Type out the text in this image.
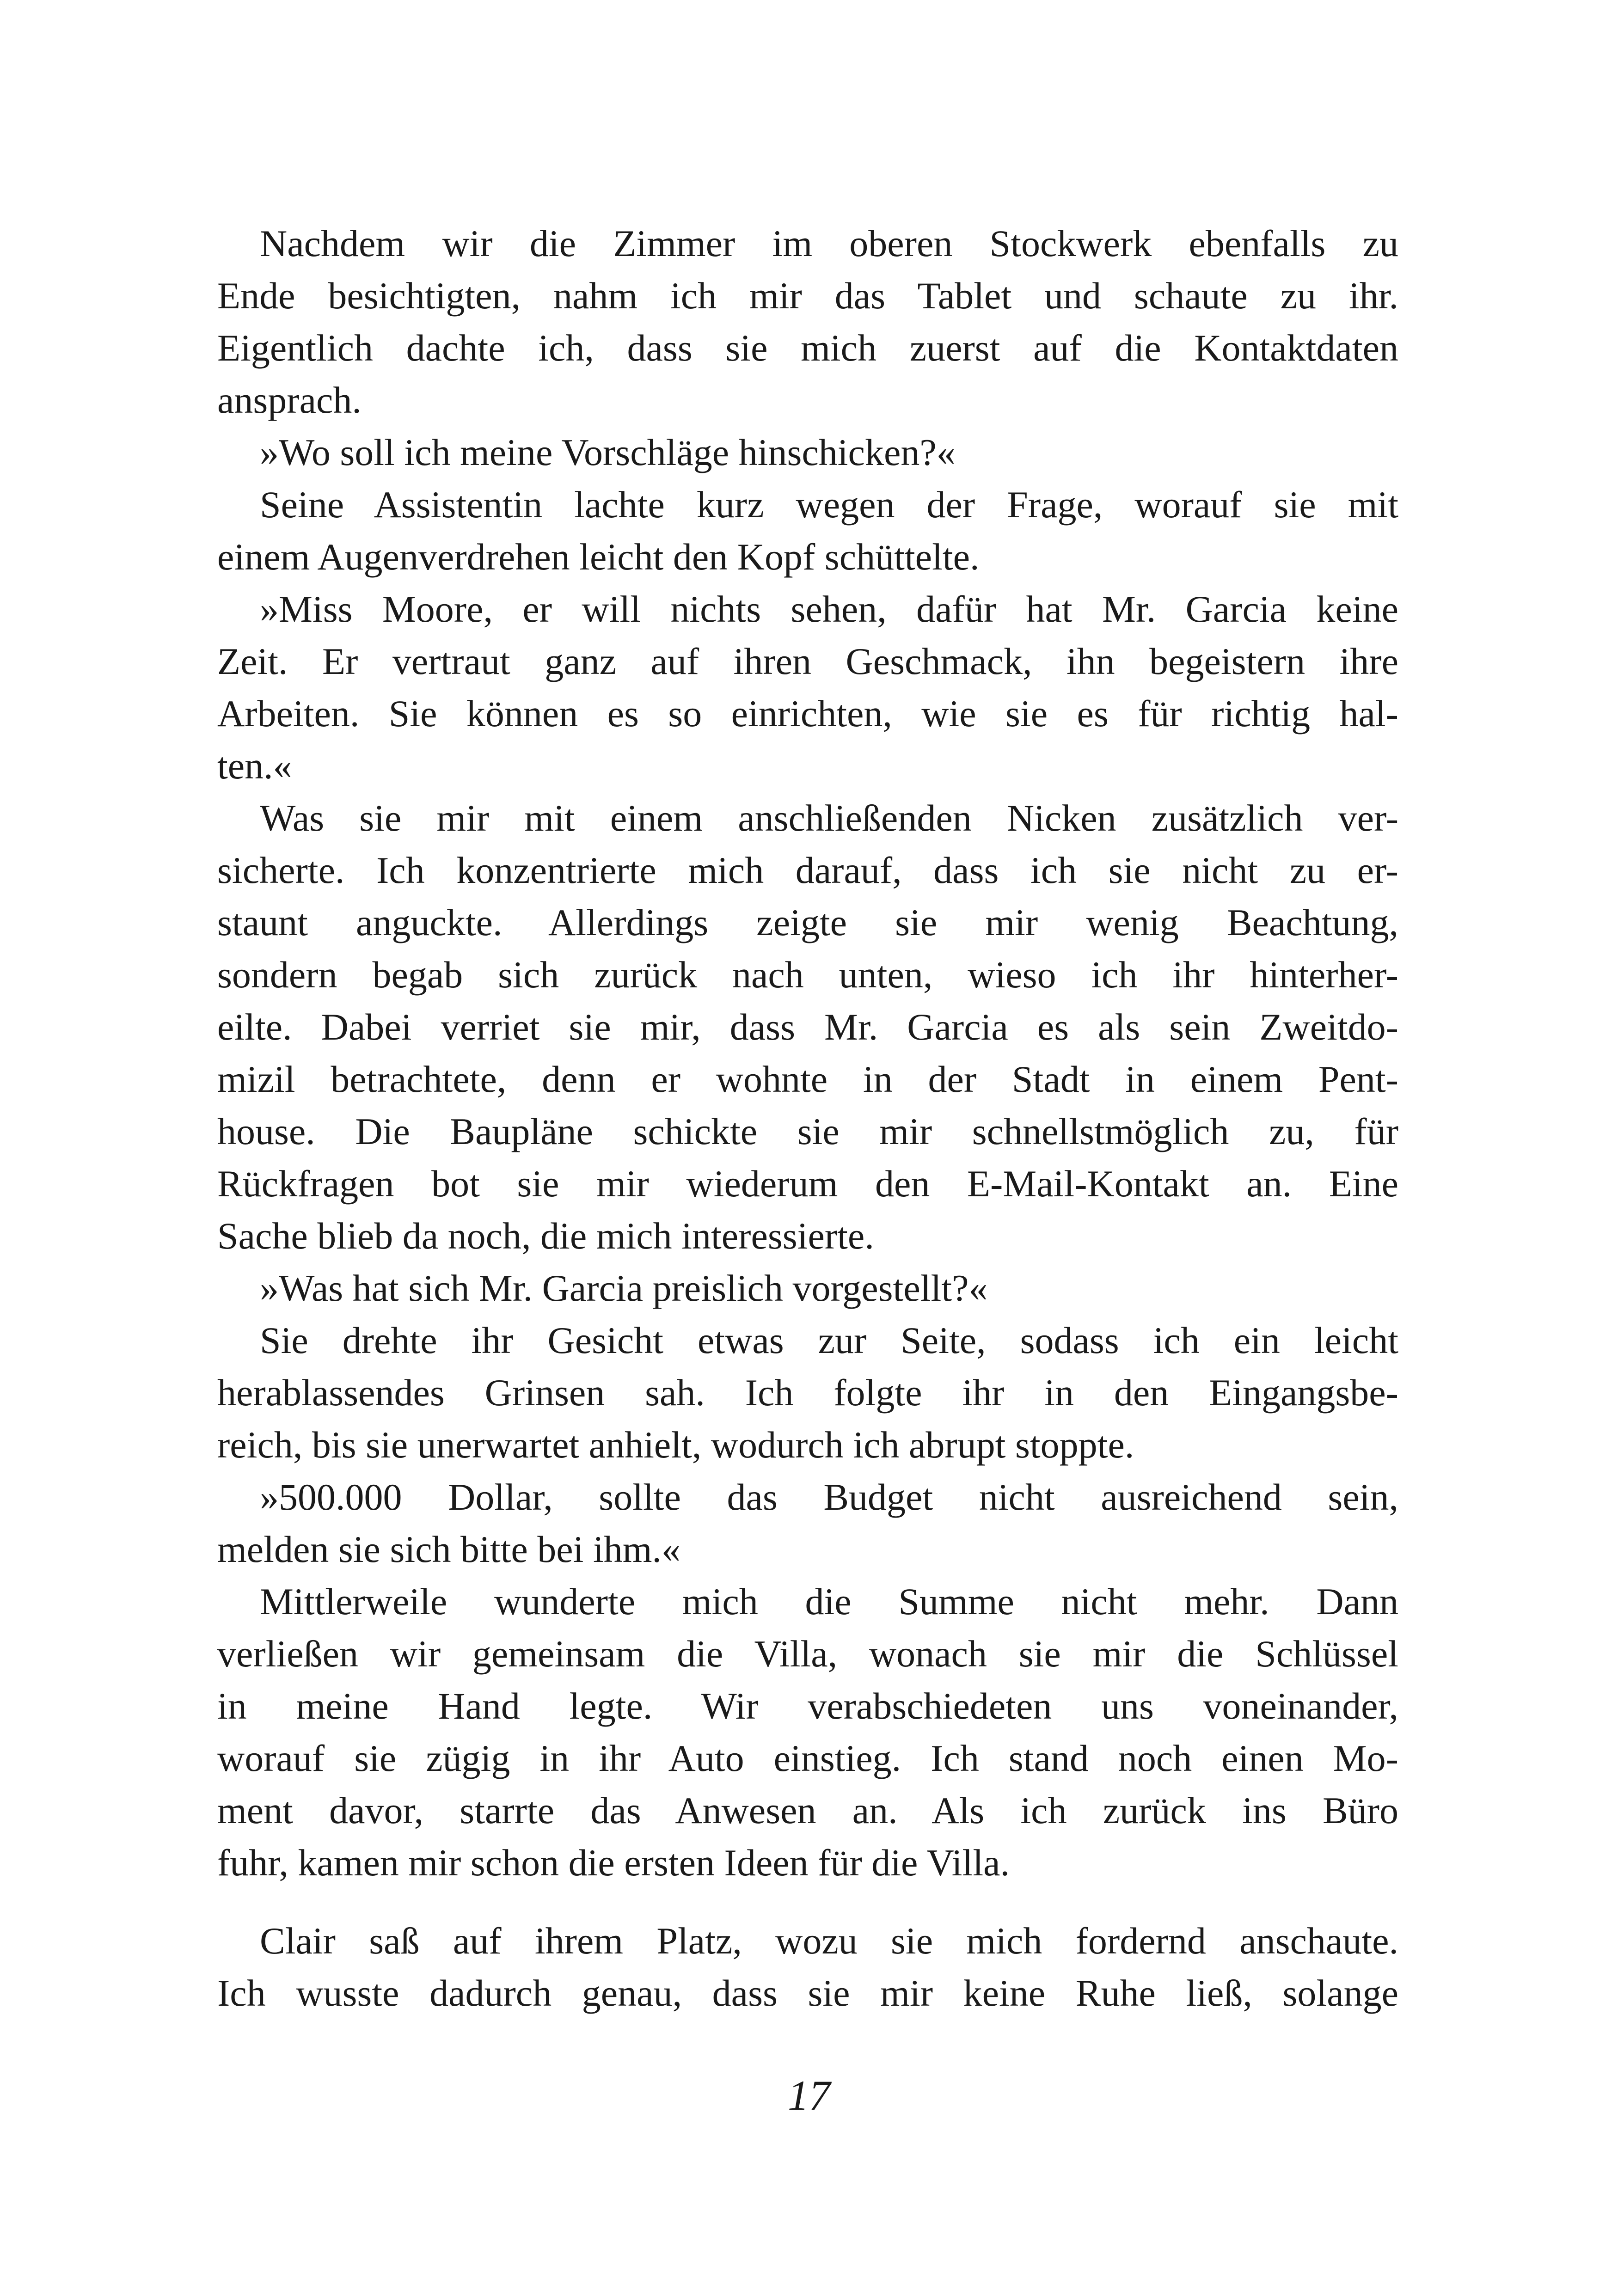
Nachdem wir die Zimmer im oberen Stockwerk ebenfalls zu
Ende besichtigten, nahm ich mir das Tablet und schaute zu ihr.
Eigentlich dachte ich, dass sie mich zuerst auf die Kontaktdaten
ansprach.
»Wo soll ich meine Vorschläge hinschicken?«
Seine Assistentin lachte kurz wegen der Frage, worauf sie mit
einem Augenverdrehen leicht den Kopf schüttelte.
»Miss Moore, er will nichts sehen, dafür hat Mr. Garcia keine
Zeit. Er vertraut ganz auf ihren Geschmack, ihn begeistern ihre
Arbeiten. Sie können es so einrichten, wie sie es für richtig hal-
ten.«
Was sie mir mit einem anschließenden Nicken zusätzlich ver-
sicherte. Ich konzentrierte mich darauf, dass ich sie nicht zu er-
staunt anguckte. Allerdings zeigte sie mir wenig Beachtung,
sondern begab sich zurück nach unten, wieso ich ihr hinterher-
eilte. Dabei verriet sie mir, dass Mr. Garcia es als sein Zweitdo-
mizil betrachtete, denn er wohnte in der Stadt in einem Pent-
house. Die Baupläne schickte sie mir schnellstmöglich zu, für
Rückfragen bot sie mir wiederum den E-Mail-Kontakt an. Eine
Sache blieb da noch, die mich interessierte.
»Was hat sich Mr. Garcia preislich vorgestellt?«
Sie drehte ihr Gesicht etwas zur Seite, sodass ich ein leicht
herablassendes Grinsen sah. Ich folgte ihr in den Eingangsbe-
reich, bis sie unerwartet anhielt, wodurch ich abrupt stoppte.
»500.000 Dollar, sollte das Budget nicht ausreichend sein,
melden sie sich bitte bei ihm.«
Mittlerweile wunderte mich die Summe nicht mehr. Dann
verließen wir gemeinsam die Villa, wonach sie mir die Schlüssel
in meine Hand legte. Wir verabschiedeten uns voneinander,
worauf sie zügig in ihr Auto einstieg. Ich stand noch einen Mo-
ment davor, starrte das Anwesen an. Als ich zurück ins Büro
fuhr, kamen mir schon die ersten Ideen für die Villa.
Clair saß auf ihrem Platz, wozu sie mich fordernd anschaute.
Ich wusste dadurch genau, dass sie mir keine Ruhe ließ, solange
17
